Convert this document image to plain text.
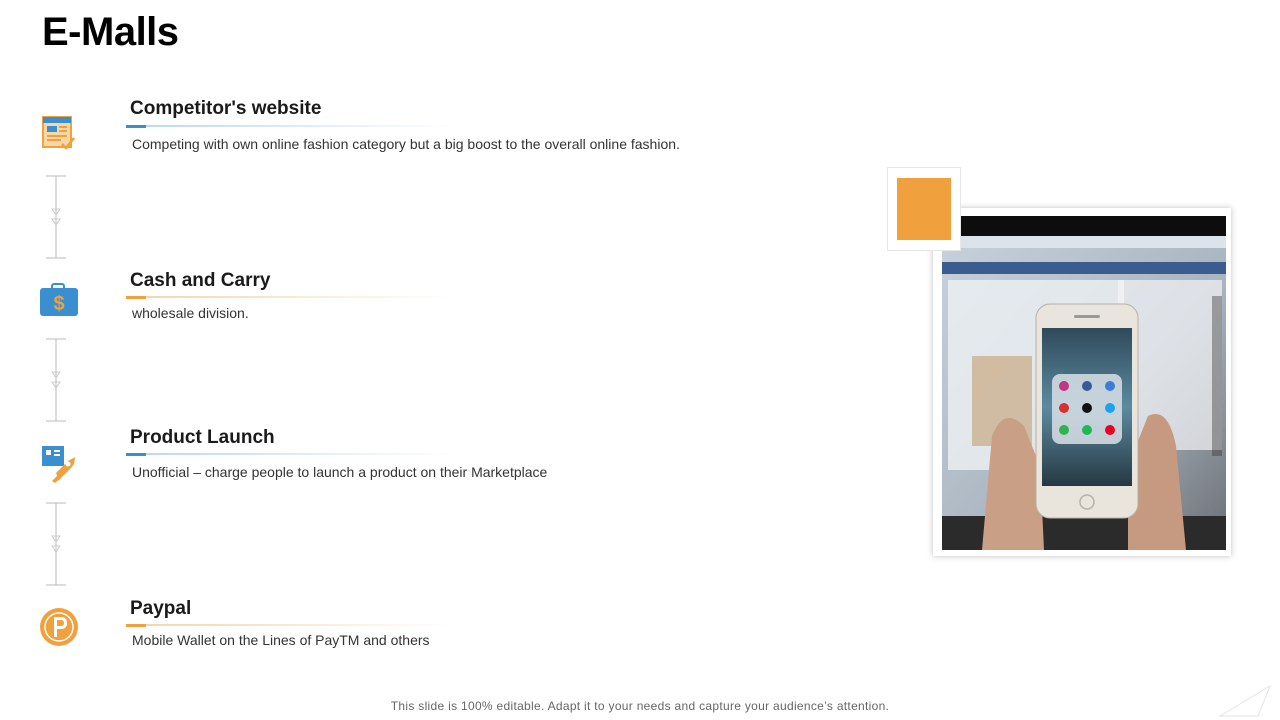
E-Malls
Competitor's website
Competing with own online fashion category but a big boost to the overall online fashion.
$
Cash and Carry
wholesale division.
Product Launch
Unofficial – charge people to launch a product on their Marketplace
Paypal
Mobile Wallet on the Lines of PayTM and others
This slide is 100% editable. Adapt it to your needs and capture your audience’s attention.
